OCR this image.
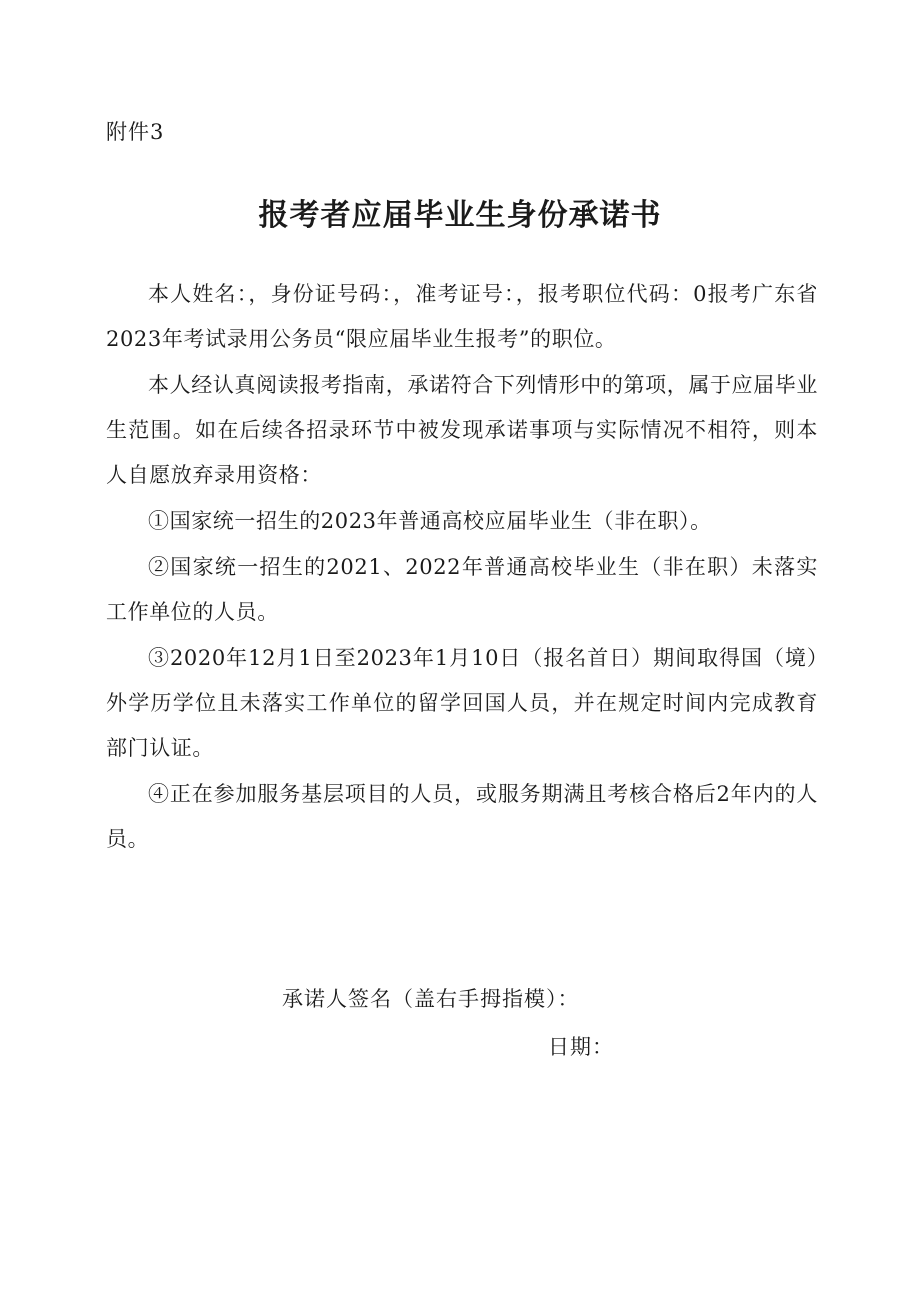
附件3
报考者应届毕业生身份承诺书

本人姓名：，身份证号码：，准考证号：，报考职位代码：0报考广东省2023年考试录用公务员“限应届毕业生报考”的职位。

本人经认真阅读报考指南，承诺符合下列情形中的第项，属于应届毕业生范围。如在后续各招录环节中被发现承诺事项与实际情况不相符，则本人自愿放弃录用资格：

①国家统一招生的2023年普通高校应届毕业生（非在职）。

②国家统一招生的2021、2022年普通高校毕业生（非在职）未落实工作单位的人员。

③2020年12月1日至2023年1月10日（报名首日）期间取得国（境）外学历学位且未落实工作单位的留学回国人员，并在规定时间内完成教育部门认证。

④正在参加服务基层项目的人员，或服务期满且考核合格后2年内的人员。

承诺人签名（盖右手拇指模）：
日期：
